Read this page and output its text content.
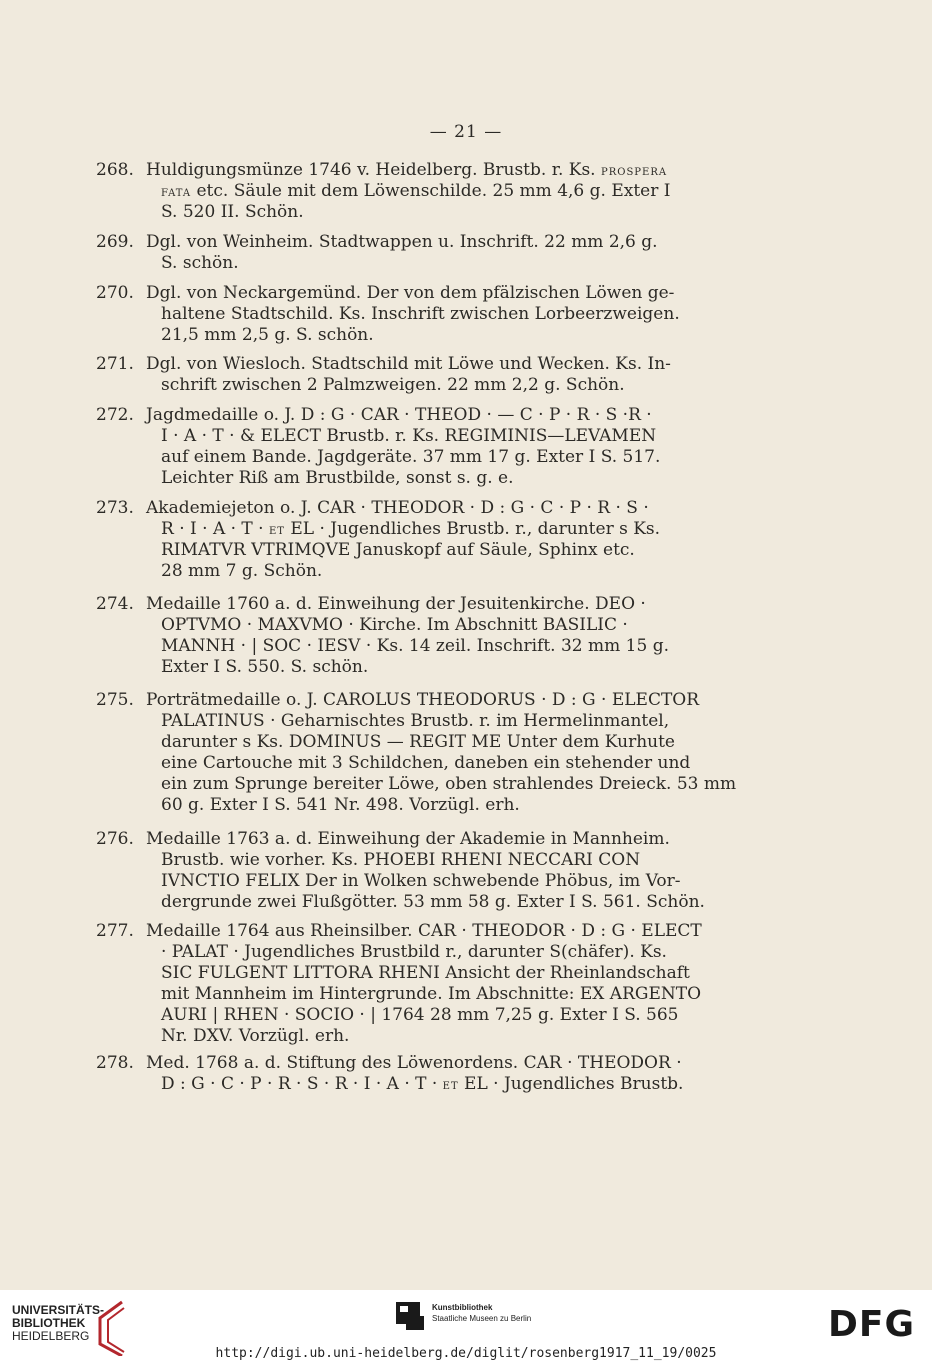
— 21 —
268. Huldigungsmünze 1746 v. Heidelberg. Brustb. r. Ks. prospera
fata etc. Säule mit dem Löwenschilde. 25 mm 4,6 g. Exter I
S. 520 II. Schön.
269. Dgl. von Weinheim. Stadtwappen u. Inschrift. 22 mm 2,6 g.
S. schön.
270. Dgl. von Neckargemünd. Der von dem pfälzischen Löwen ge-
haltene Stadtschild. Ks. Inschrift zwischen Lorbeerzweigen.
21,5 mm 2,5 g. S. schön.
271. Dgl. von Wiesloch. Stadtschild mit Löwe und Wecken. Ks. In-
schrift zwischen 2 Palmzweigen. 22 mm 2,2 g. Schön.
272. Jagdmedaille o. J. D : G · CAR · THEOD · — C · P · R · S ·R ·
I · A · T · & ELECT Brustb. r. Ks. REGIMINIS—LEVAMEN
auf einem Bande. Jagdgeräte. 37 mm 17 g. Exter I S. 517.
Leichter Riß am Brustbilde, sonst s. g. e.
273. Akademiejeton o. J. CAR · THEODOR · D : G · C · P · R · S ·
R · I · A · T · et EL · Jugendliches Brustb. r., darunter s Ks.
RIMATVR VTRIMQVE Januskopf auf Säule, Sphinx etc.
28 mm 7 g. Schön.
274. Medaille 1760 a. d. Einweihung der Jesuitenkirche. DEO ·
OPTVMO · MAXVMO · Kirche. Im Abschnitt BASILIC ·
MANNH · | SOC · IESV · Ks. 14 zeil. Inschrift. 32 mm 15 g.
Exter I S. 550. S. schön.
275. Porträtmedaille o. J. CAROLUS THEODORUS · D : G · ELECTOR
PALATINUS · Geharnischtes Brustb. r. im Hermelinmantel,
darunter s Ks. DOMINUS — REGIT ME Unter dem Kurhute
eine Cartouche mit 3 Schildchen, daneben ein stehender und
ein zum Sprunge bereiter Löwe, oben strahlendes Dreieck. 53 mm
60 g. Exter I S. 541 Nr. 498. Vorzügl. erh.
276. Medaille 1763 a. d. Einweihung der Akademie in Mannheim.
Brustb. wie vorher. Ks. PHOEBI RHENI NECCARI CON
IVNCTIO FELIX Der in Wolken schwebende Phöbus, im Vor-
dergrunde zwei Flußgötter. 53 mm 58 g. Exter I S. 561. Schön.
277. Medaille 1764 aus Rheinsilber. CAR · THEODOR · D : G · ELECT
· PALAT · Jugendliches Brustbild r., darunter S(chäfer). Ks.
SIC FULGENT LITTORA RHENI Ansicht der Rheinlandschaft
mit Mannheim im Hintergrunde. Im Abschnitte: EX ARGENTO
AURI | RHEN · SOCIO · | 1764 28 mm 7,25 g. Exter I S. 565
Nr. DXV. Vorzügl. erh.
278. Med. 1768 a. d. Stiftung des Löwenordens. CAR · THEODOR ·
D : G · C · P · R · S · R · I · A · T · et EL · Jugendliches Brustb.
UNIVERSITÄTS-
BIBLIOTHEK
HEIDELBERG
Kunstbibliothek
Staatliche Museen zu Berlin	DFG
http://digi.ub.uni-heidelberg.de/diglit/rosenberg1917_11_19/0025
